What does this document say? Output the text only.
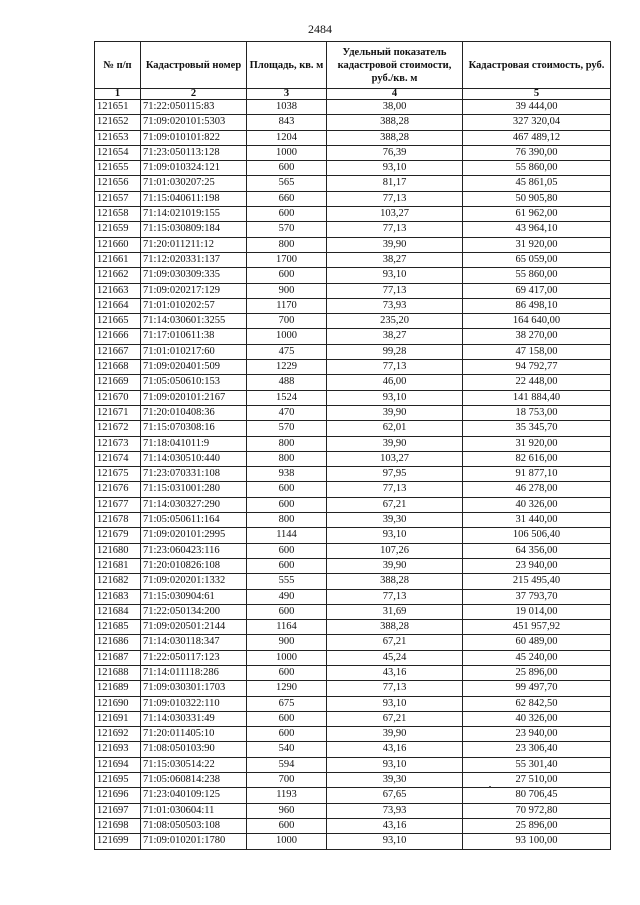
2484
№ п/п	Кадастровый номер	Площадь, кв. м	Удельный показатель кадастровой стоимости, руб./кв. м	Кадастровая стоимость, руб.
1	2	3	4	5
121651	71:22:050115:83	1038	38,00	39 444,00
121652	71:09:020101:5303	843	388,28	327 320,04
121653	71:09:010101:822	1204	388,28	467 489,12
121654	71:23:050113:128	1000	76,39	76 390,00
121655	71:09:010324:121	600	93,10	55 860,00
121656	71:01:030207:25	565	81,17	45 861,05
121657	71:15:040611:198	660	77,13	50 905,80
121658	71:14:021019:155	600	103,27	61 962,00
121659	71:15:030809:184	570	77,13	43 964,10
121660	71:20:011211:12	800	39,90	31 920,00
121661	71:12:020331:137	1700	38,27	65 059,00
121662	71:09:030309:335	600	93,10	55 860,00
121663	71:09:020217:129	900	77,13	69 417,00
121664	71:01:010202:57	1170	73,93	86 498,10
121665	71:14:030601:3255	700	235,20	164 640,00
121666	71:17:010611:38	1000	38,27	38 270,00
121667	71:01:010217:60	475	99,28	47 158,00
121668	71:09:020401:509	1229	77,13	94 792,77
121669	71:05:050610:153	488	46,00	22 448,00
121670	71:09:020101:2167	1524	93,10	141 884,40
121671	71:20:010408:36	470	39,90	18 753,00
121672	71:15:070308:16	570	62,01	35 345,70
121673	71:18:041011:9	800	39,90	31 920,00
121674	71:14:030510:440	800	103,27	82 616,00
121675	71:23:070331:108	938	97,95	91 877,10
121676	71:15:031001:280	600	77,13	46 278,00
121677	71:14:030327:290	600	67,21	40 326,00
121678	71:05:050611:164	800	39,30	31 440,00
121679	71:09:020101:2995	1144	93,10	106 506,40
121680	71:23:060423:116	600	107,26	64 356,00
121681	71:20:010826:108	600	39,90	23 940,00
121682	71:09:020201:1332	555	388,28	215 495,40
121683	71:15:030904:61	490	77,13	37 793,70
121684	71:22:050134:200	600	31,69	19 014,00
121685	71:09:020501:2144	1164	388,28	451 957,92
121686	71:14:030118:347	900	67,21	60 489,00
121687	71:22:050117:123	1000	45,24	45 240,00
121688	71:14:011118:286	600	43,16	25 896,00
121689	71:09:030301:1703	1290	77,13	99 497,70
121690	71:09:010322:110	675	93,10	62 842,50
121691	71:14:030331:49	600	67,21	40 326,00
121692	71:20:011405:10	600	39,90	23 940,00
121693	71:08:050103:90	540	43,16	23 306,40
121694	71:15:030514:22	594	93,10	55 301,40
121695	71:05:060814:238	700	39,30	27 510,00
121696	71:23:040109:125	1193	67,65	80 706,45
121697	71:01:030604:11	960	73,93	70 972,80
121698	71:08:050503:108	600	43,16	25 896,00
121699	71:09:010201:1780	1000	93,10	93 100,00
